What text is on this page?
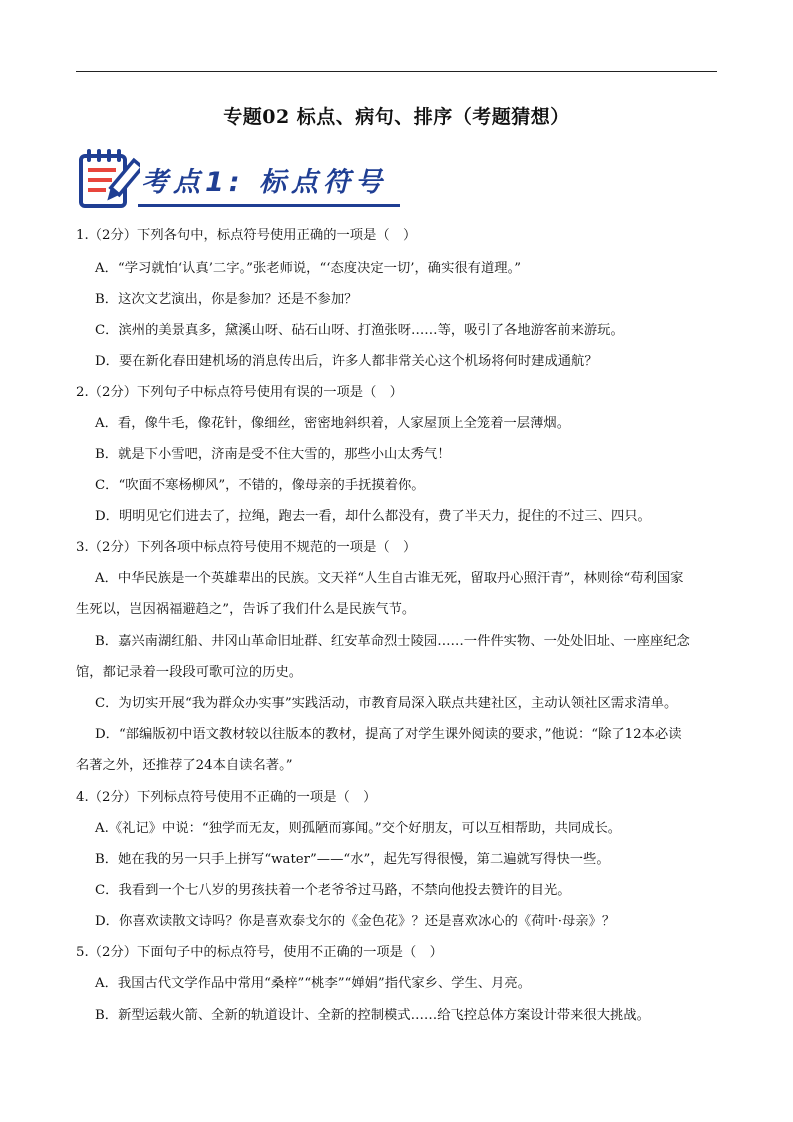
专题02 标点、病句、排序（考题猜想）
考点1: 标点符号
1.（2分）下列各句中，标点符号使用正确的一项是（　）
A．“学习就怕‘认真’二字。”张老师说，“‘态度决定一切’，确实很有道理。”
B．这次文艺演出，你是参加？还是不参加？
C．滨州的美景真多，黛溪山呀、砧石山呀、打渔张呀……等，吸引了各地游客前来游玩。
D．要在新化春田建机场的消息传出后，许多人都非常关心这个机场将何时建成通航？
2.（2分）下列句子中标点符号使用有误的一项是（　）
A．看，像牛毛，像花针，像细丝，密密地斜织着，人家屋顶上全笼着一层薄烟。
B．就是下小雪吧，济南是受不住大雪的，那些小山太秀气！
C．“吹面不寒杨柳风”，不错的，像母亲的手抚摸着你。
D．明明见它们进去了，拉绳，跑去一看，却什么都没有，费了半天力，捉住的不过三、四只。
3.（2分）下列各项中标点符号使用不规范的一项是（　）
A．中华民族是一个英雄辈出的民族。文天祥“人生自古谁无死，留取丹心照汗青”，林则徐“苟利国家
生死以，岂因祸福避趋之”，告诉了我们什么是民族气节。
B．嘉兴南湖红船、井冈山革命旧址群、红安革命烈士陵园……一件件实物、一处处旧址、一座座纪念
馆，都记录着一段段可歌可泣的历史。
C．为切实开展“我为群众办实事”实践活动，市教育局深入联点共建社区，主动认领社区需求清单。
D．“部编版初中语文教材较以往版本的教材，提高了对学生课外阅读的要求，”他说：“除了12本必读
名著之外，还推荐了24本自读名著。”
4.（2分）下列标点符号使用不正确的一项是（　）
A.《礼记》中说：“独学而无友，则孤陋而寡闻。”交个好朋友，可以互相帮助，共同成长。
B．她在我的另一只手上拼写“water”——“水”，起先写得很慢，第二遍就写得快一些。
C．我看到一个七八岁的男孩扶着一个老爷爷过马路，不禁向他投去赞许的目光。
D．你喜欢读散文诗吗？你是喜欢泰戈尔的《金色花》？还是喜欢冰心的《荷叶·母亲》？
5.（2分）下面句子中的标点符号，使用不正确的一项是（　）
A．我国古代文学作品中常用“桑梓”“桃李”“婵娟”指代家乡、学生、月亮。
B．新型运载火箭、全新的轨道设计、全新的控制模式……给飞控总体方案设计带来很大挑战。
